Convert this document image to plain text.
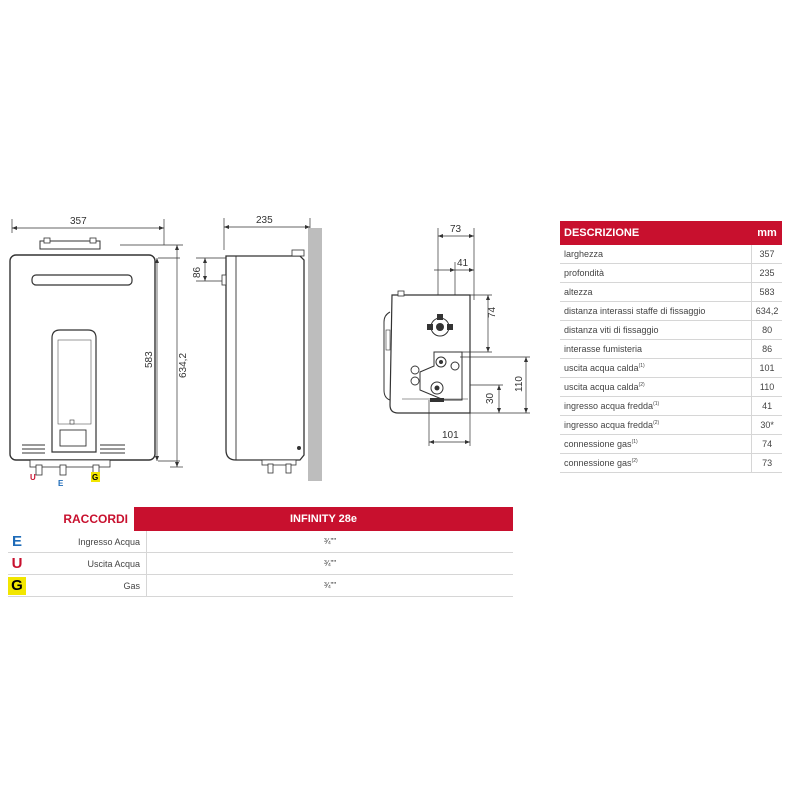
357
583 634,2
U
E
G
235
86
73
41
74
110
30
101
DESCRIZIONE	mm
larghezza	357
profondità	235
altezza	583
distanza interassi staffe di fissaggio	634,2
distanza viti di fissaggio	80
interasse fumisteria	86
uscita acqua calda$^{(1)}$	101
uscita acqua calda$^{(2)}$	110
ingresso acqua fredda$^{(1)}$	41
ingresso acqua fredda$^{(2)}$	30*
connessione gas$^{(1)}$	74
connessione gas$^{(2)}$	73
RACCORDI	INFINITY 28e
E	Ingresso Acqua	¾""
U	Uscita Acqua	¾""
G	Gas	¾""
